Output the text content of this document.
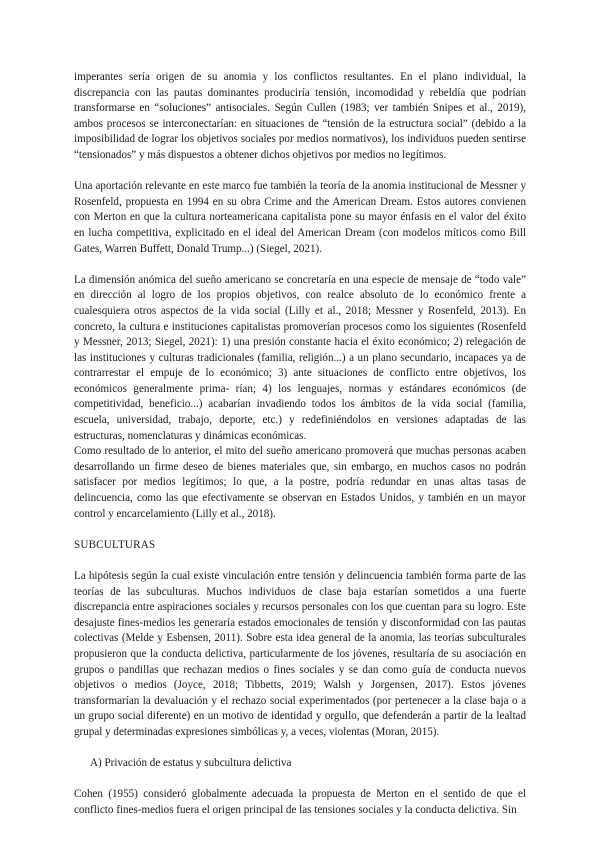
imperantes sería origen de su anomia y los conflictos resultantes. En el plano individual, la discrepancia con las pautas dominantes produciría tensión, incomodidad y rebeldía que podrían transformarse en “soluciones” antisociales. Según Cullen (1983; ver también Snipes et al., 2019), ambos procesos se interconectarían: en situaciones de “tensión de la estructura social” (debido a la imposibilidad de lograr los objetivos sociales por medios normativos), los individuos pueden sentirse “tensionados” y más dispuestos a obtener dichos objetivos por medios no legítimos.

Una aportación relevante en este marco fue también la teoría de la anomia institucional de Messner y Rosenfeld, propuesta en 1994 en su obra Crime and the American Dream. Estos autores convienen con Merton en que la cultura norteamericana capitalista pone su mayor énfasis en el valor del éxito en lucha competitiva, explicitado en el ideal del American Dream (con modelos míticos como Bill Gates, Warren Buffett, Donald Trump...) (Siegel, 2021).

La dimensión anómica del sueño americano se concretaría en una especie de mensaje de “todo vale” en dirección al logro de los propios objetivos, con realce absoluto de lo económico frente a cualesquiera otros aspectos de la vida social (Lilly et al., 2018; Messner y Rosenfeld, 2013). En concreto, la cultura e instituciones capitalistas promoverían procesos como los siguientes (Rosenfeld y Messner, 2013; Siegel, 2021): 1) una presión constante hacia el éxito económico; 2) relegación de las instituciones y culturas tradicionales (familia, religión...) a un plano secundario, incapaces ya de contrarrestar el empuje de lo económico; 3) ante situaciones de conflicto entre objetivos, los económicos generalmente prima- rían; 4) los lenguajes, normas y estándares económicos (de competitividad, beneficio...) acabarían invadiendo todos los ámbitos de la vida social (familia, escuela, universidad, trabajo, deporte, etc.) y redefiniéndolos en versiones adaptadas de las estructuras, nomenclaturas y dinámicas económicas.

Como resultado de lo anterior, el mito del sueño americano promoverá que muchas personas acaben desarrollando un firme deseo de bienes materiales que, sin embargo, en muchos casos no podrán satisfacer por medios legítimos; lo que, a la postre, podría redundar en unas altas tasas de delincuencia, como las que efectivamente se observan en Estados Unidos, y también en un mayor control y encarcelamiento (Lilly et al., 2018).

SUBCULTURAS

La hipótesis según la cual existe vinculación entre tensión y delincuencia también forma parte de las teorías de las subculturas. Muchos individuos de clase baja estarían sometidos a una fuerte discrepancia entre aspiraciones sociales y recursos personales con los que cuentan para su logro. Este desajuste fines-medios les generaría estados emocionales de tensión y disconformidad con las pautas colectivas (Melde y Esbensen, 2011). Sobre esta idea general de la anomia, las teorías subculturales propusieron que la conducta delictiva, particularmente de los jóvenes, resultaría de su asociación en grupos o pandillas que rechazan medios o fines sociales y se dan como guía de conducta nuevos objetivos o medios (Joyce, 2018; Tibbetts, 2019; Walsh y Jorgensen, 2017). Estos jóvenes transformarían la devaluación y el rechazo social experimentados (por pertenecer a la clase baja o a un grupo social diferente) en un motivo de identidad y orgullo, que defenderán a partir de la lealtad grupal y determinadas expresiones simbólicas y, a veces, violentas (Moran, 2015).

A) Privación de estatus y subcultura delictiva

Cohen (1955) consideró globalmente adecuada la propuesta de Merton en el sentido de que el conflicto fines-medios fuera el origen principal de las tensiones sociales y la conducta delictiva. Sin
